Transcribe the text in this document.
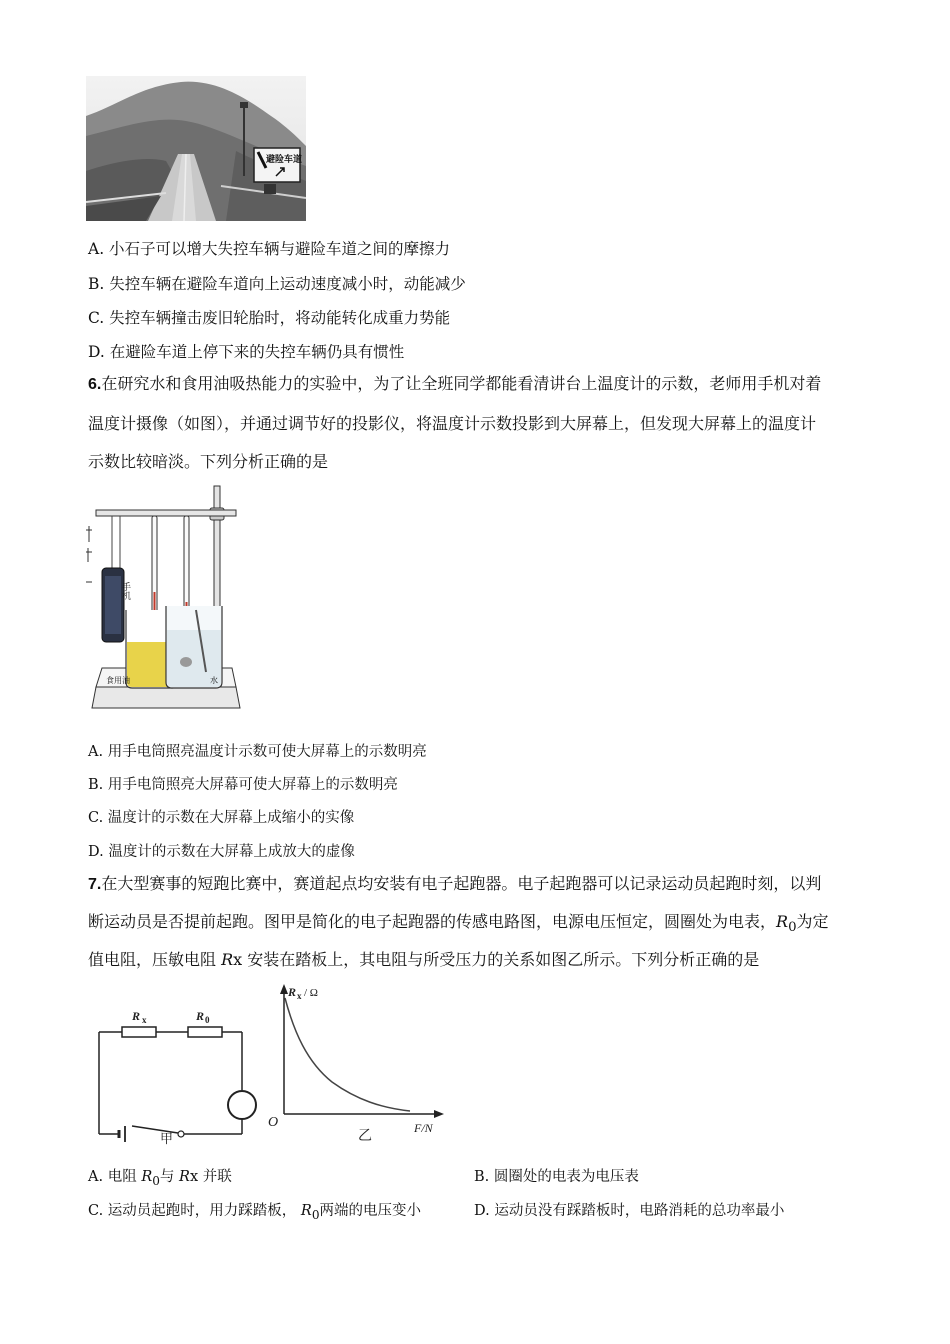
避险车道
A. 小石子可以增大失控车辆与避险车道之间的摩擦力
B. 失控车辆在避险车道向上运动速度减小时，动能减少
C. 失控车辆撞击废旧轮胎时，将动能转化成重力势能
D. 在避险车道上停下来的失控车辆仍具有惯性
6.在研究水和食用油吸热能力的实验中，为了让全班同学都能看清讲台上温度计的示数，老师用手机对着
温度计摄像（如图），并通过调节好的投影仪，将温度计示数投影到大屏幕上，但发现大屏幕上的温度计
示数比较暗淡。下列分析正确的是
手机
食用油	水
A. 用手电筒照亮温度计示数可使大屏幕上的示数明亮
B. 用手电筒照亮大屏幕可使大屏幕上的示数明亮
C. 温度计的示数在大屏幕上成缩小的实像
D. 温度计的示数在大屏幕上成放大的虚像
7.在大型赛事的短跑比赛中，赛道起点均安装有电子起跑器。电子起跑器可以记录运动员起跑时刻，以判
断运动员是否提前起跑。图甲是简化的电子起跑器的传感电路图，电源电压恒定，圆圈处为电表，$R_0$为定
值电阻，压敏电阻 Rx 安装在踏板上，其电阻与所受压力的关系如图乙所示。下列分析正确的是
R x	R 0
甲
R x / Ω
F/N
O
乙
A. 电阻 $R_0$与 Rx 并联	B. 圆圈处的电表为电压表
C. 运动员起跑时，用力踩踏板， $R_0$两端的电压变小	D. 运动员没有踩踏板时，电路消耗的总功率最小
